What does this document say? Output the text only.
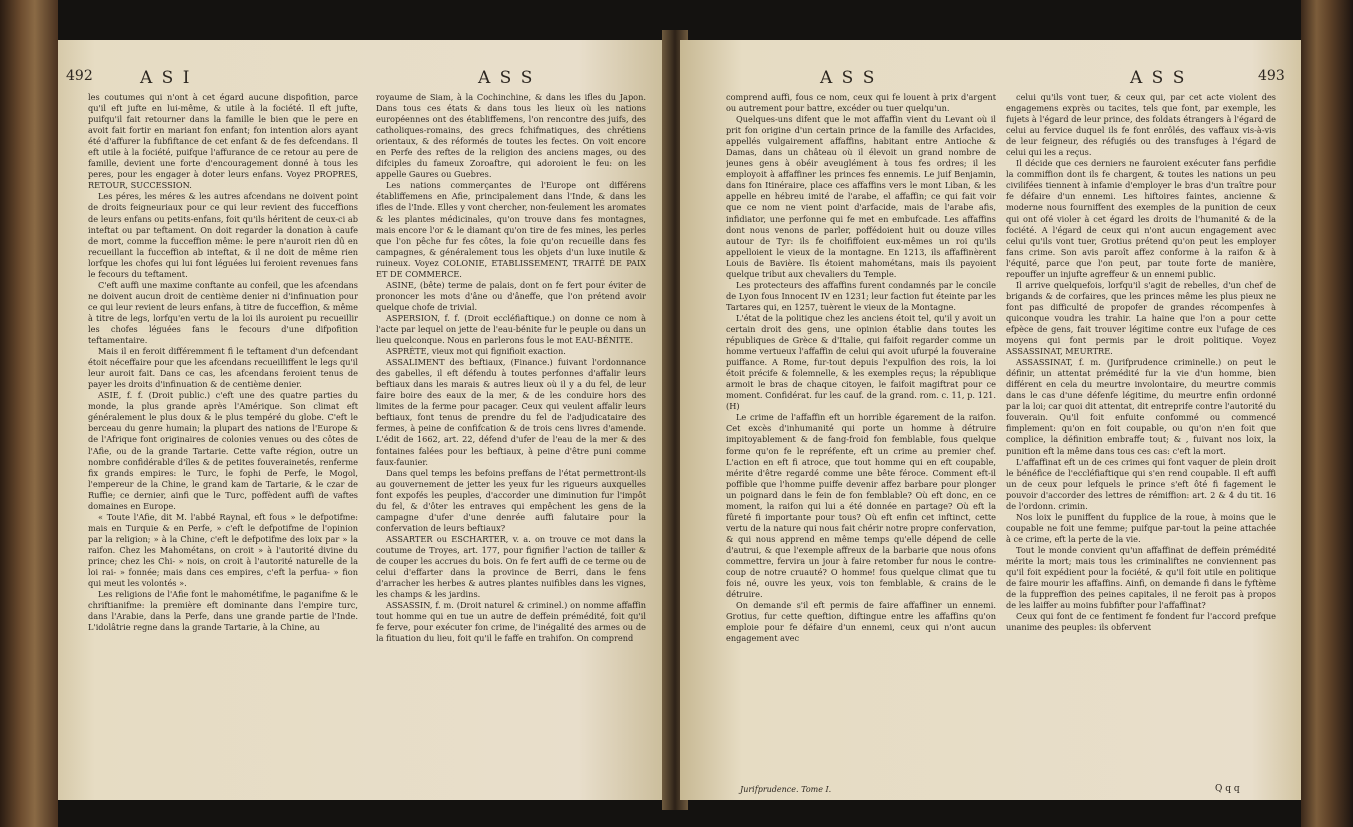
492	A S I	A S S

les coutumes qui n'ont à cet égard aucune dispofition, parce qu'il eft jufte en lui-même, & utile à la fociété. Il eft jufte, puifqu'il fait retourner dans la famille le bien que le pere en avoit fait fortir en mariant fon enfant; fon intention alors ayant été d'affurer la fubfiftance de cet enfant & de fes defcendans. Il eft utile à la fociété, puifque l'affurance de ce retour au pere de famille, devient une forte d'encouragement donné à tous les peres, pour les engager à doter leurs enfans. Voyez PROPRES, RETOUR, SUCCESSION.

Les péres, les méres & les autres afcendans ne doivent point de droits feigneuriaux pour ce qui leur revient des fucceffions de leurs enfans ou petits-enfans, foit qu'ils héritent de ceux-ci ab inteftat ou par teftament. On doit regarder la donation à caufe de mort, comme la fucceffion même: le pere n'auroit rien dû en recueillant la fucceffion ab inteftat, & il ne doit de même rien lorfque les chofes qui lui font léguées lui feroient revenues fans le fecours du teftament.

C'eft auffi une maxime conftante au confeil, que les afcendans ne doivent aucun droit de centième denier ni d'infinuation pour ce qui leur revient de leurs enfans, à titre de fucceffion, & même à titre de legs, lorfqu'en vertu de la loi ils auroient pu recueillir les chofes léguées fans le fecours d'une difpofition teftamentaire.

Mais il en feroit différemment fi le teftament d'un defcendant étoit néceffaire pour que les afcendans recueilliffent le legs qu'il leur auroit fait. Dans ce cas, les afcendans feroient tenus de payer les droits d'infinuation & de centième denier.

ASIE, f. f. (Droit public.) c'eft une des quatre parties du monde, la plus grande après l'Amérique. Son climat eft généralement le plus doux & le plus tempéré du globe. C'eft le berceau du genre humain; la plupart des nations de l'Europe & de l'Afrique font originaires de colonies venues ou des côtes de l'Afie, ou de la grande Tartarie. Cette vafte région, outre un nombre confidérable d'îles & de petites fouverainetés, renferme fix grands empires: le Turc, le fophi de Perfe, le Mogol, l'empereur de la Chine, le grand kam de Tartarie, & le czar de Ruffie; ce dernier, ainfi que le Turc, poffèdent auffi de vaftes domaines en Europe.

« Toute l'Afie, dit M. l'abbé Raynal, eft fous » le defpotifme: mais en Turquie & en Perfe, » c'eft le defpotifme de l'opinion par la religion; » à la Chine, c'eft le defpotifme des loix par » la raifon. Chez les Mahométans, on croit » à l'autorité divine du prince; chez les Chi- » nois, on croit à l'autorité naturelle de la loi rai- » fonnée; mais dans ces empires, c'eft la perfua- » fion qui meut les volontés ».

Les religions de l'Afie font le mahométifme, le paganifme & le chriftianifme: la première eft dominante dans l'empire turc, dans l'Arabie, dans la Perfe, dans une grande partie de l'Inde. L'idolâtrie regne dans la grande Tartarie, à la Chine, au

royaume de Siam, à la Cochinchine, & dans les ifles du Japon. Dans tous ces états & dans tous les lieux où les nations européennes ont des établiffemens, l'on rencontre des juifs, des catholiques-romains, des grecs fchifmatiques, des chrétiens orientaux, & des réformés de toutes les fectes. On voit encore en Perfe des reftes de la religion des anciens mages, ou des difciples du fameux Zoroaftre, qui adoroient le feu: on les appelle Gaures ou Guebres.

Les nations commerçantes de l'Europe ont différens établiffemens en Afie, principalement dans l'Inde, & dans les ifles de l'Inde. Elles y vont chercher, non-feulement les aromates & les plantes médicinales, qu'on trouve dans fes montagnes, mais encore l'or & le diamant qu'on tire de fes mines, les perles que l'on pêche fur fes côtes, la foie qu'on recueille dans fes campagnes, & généralement tous les objets d'un luxe inutile & ruineux. Voyez COLONIE, ETABLISSEMENT, TRAITÉ DE PAIX ET DE COMMERCE.

ASINE, (bête) terme de palais, dont on fe fert pour éviter de prononcer les mots d'âne ou d'âneffe, que l'on prétend avoir quelque chofe de trivial.

ASPERSION, f. f. (Droit eccléfiaftique.) on donne ce nom à l'acte par lequel on jette de l'eau-bénite fur le peuple ou dans un lieu quelconque. Nous en parlerons fous le mot EAU-BÉNITE.

ASPRÈTE, vieux mot qui fignifioit exaction.

ASSALIMENT des beftiaux, (Finance.) fuivant l'ordonnance des gabelles, il eft défendu à toutes perfonnes d'affalir leurs beftiaux dans les marais & autres lieux où il y a du fel, de leur faire boire des eaux de la mer, & de les conduire hors des limites de la ferme pour pacager. Ceux qui veulent affalir leurs beftiaux, font tenus de prendre du fel de l'adjudicataire des fermes, à peine de confifcation & de trois cens livres d'amende. L'édit de 1662, art. 22, défend d'ufer de l'eau de la mer & des fontaines falées pour les beftiaux, à peine d'être puni comme faux-faunier.

Dans quel temps les befoins preffans de l'état permettront-ils au gouvernement de jetter les yeux fur les rigueurs auxquelles font expofés les peuples, d'accorder une diminution fur l'impôt du fel, & d'ôter les entraves qui empêchent les gens de la campagne d'ufer d'une denrée auffi falutaire pour la confervation de leurs beftiaux?

ASSARTER ou ESCHARTER, v. a. on trouve ce mot dans la coutume de Troyes, art. 177, pour fignifier l'action de tailler & de couper les accrues du bois. On fe fert auffi de ce terme ou de celui d'effarter dans la province de Berri, dans le fens d'arracher les herbes & autres plantes nuifibles dans les vignes, les champs & les jardins.

ASSASSIN, f. m. (Droit naturel & criminel.) on nomme affaffin tout homme qui en tue un autre de deffein prémédité, foit qu'il fe ferve, pour exécuter fon crime, de l'inégalité des armes ou de la fituation du lieu, foit qu'il le faffe en trahifon. On comprend

A S S	A S S	493

comprend auffi, fous ce nom, ceux qui fe louent à prix d'argent ou autrement pour battre, excéder ou tuer quelqu'un.

Quelques-uns difent que le mot affaffin vient du Levant où il prit fon origine d'un certain prince de la famille des Arfacides, appellés vulgairement affaffins, habitant entre Antioche & Damas, dans un château où il élevoit un grand nombre de jeunes gens à obéir aveuglément à tous fes ordres; il les employoit à affaffiner les princes fes ennemis. Le juif Benjamin, dans fon Itinéraire, place ces affaffins vers le mont Liban, & les appelle en hébreu imité de l'arabe, el affaffin; ce qui fait voir que ce nom ne vient point d'arfacide, mais de l'arabe afis, infidiator, une perfonne qui fe met en embufcade. Les affaffins dont nous venons de parler, poffédoient huit ou douze villes autour de Tyr: ils fe choififfoient eux-mêmes un roi qu'ils appelloient le vieux de la montagne. En 1213, ils affaffinèrent Louis de Bavière. Ils étoient mahométans, mais ils payoient quelque tribut aux chevaliers du Temple.

Les protecteurs des affaffins furent condamnés par le concile de Lyon fous Innocent IV en 1231; leur faction fut éteinte par les Tartares qui, en 1257, tuèrent le vieux de la Montagne.

L'état de la politique chez les anciens étoit tel, qu'il y avoit un certain droit des gens, une opinion établie dans toutes les républiques de Grèce & d'Italie, qui faifoit regarder comme un homme vertueux l'affaffin de celui qui avoit ufurpé la fouveraine puiffance. A Rome, fur-tout depuis l'expulfion des rois, la loi étoit précife & folemnelle, & les exemples reçus; la république armoit le bras de chaque citoyen, le faifoit magiftrat pour ce moment. Confidérat. fur les cauf. de la grand. rom. c. 11, p. 121. (H)

Le crime de l'affaffin eft un horrible égarement de la raifon. Cet excès d'inhumanité qui porte un homme à détruire impitoyablement & de fang-froid fon femblable, fous quelque forme qu'on fe le repréfente, eft un crime au premier chef. L'action en eft fi atroce, que tout homme qui en eft coupable, mérite d'être regardé comme une bête féroce. Comment eft-il poffible que l'homme puiffe devenir affez barbare pour plonger un poignard dans le fein de fon femblable? Où eft donc, en ce moment, la raifon qui lui a été donnée en partage? Où eft la fûreté fi importante pour tous? Où eft enfin cet inftinct, cette vertu de la nature qui nous fait chérir notre propre confervation, & qui nous apprend en même temps qu'elle dépend de celle d'autrui, & que l'exemple affreux de la barbarie que nous ofons commettre, fervira un jour à faire retomber fur nous le contre-coup de notre cruauté? O homme! fous quelque climat que tu fois né, ouvre les yeux, vois ton femblable, & crains de le détruire.

On demande s'il eft permis de faire affaffiner un ennemi. Grotius, fur cette queftion, diftingue entre les affaffins qu'on emploie pour fe défaire d'un ennemi, ceux qui n'ont aucun engagement avec

celui qu'ils vont tuer, & ceux qui, par cet acte violent des engagemens exprès ou tacites, tels que font, par exemple, les fujets à l'égard de leur prince, des foldats étrangers à l'égard de celui au fervice duquel ils fe font enrôlés, des vaffaux vis-à-vis de leur feigneur, des réfugiés ou des transfuges à l'égard de celui qui les a reçus.

Il décide que ces derniers ne fauroient exécuter fans perfidie la commiffion dont ils fe chargent, & toutes les nations un peu civilifées tiennent à infamie d'employer le bras d'un traître pour fe défaire d'un ennemi. Les hiftoires faintes, ancienne & moderne nous fourniffent des exemples de la punition de ceux qui ont ofé violer à cet égard les droits de l'humanité & de la fociété. A l'égard de ceux qui n'ont aucun engagement avec celui qu'ils vont tuer, Grotius prétend qu'on peut les employer fans crime. Son avis paroît affez conforme à la raifon & à l'équité, parce que l'on peut, par toute forte de manière, repouffer un injufte agreffeur & un ennemi public.

Il arrive quelquefois, lorfqu'il s'agit de rebelles, d'un chef de brigands & de corfaires, que les princes même les plus pieux ne font pas difficulté de propofer de grandes récompenfes à quiconque voudra les trahir. La haine que l'on a pour cette efpèce de gens, fait trouver légitime contre eux l'ufage de ces moyens qui font permis par le droit politique. Voyez ASSASSINAT, MEURTRE.

ASSASSINAT, f. m. (Jurifprudence criminelle.) on peut le définir, un attentat prémédité fur la vie d'un homme, bien différent en cela du meurtre involontaire, du meurtre commis dans le cas d'une défenfe légitime, du meurtre enfin ordonné par la loi; car quoi dit attentat, dit entreprife contre l'autorité du fouverain. Qu'il foit enfuite confommé ou commencé fimplement: qu'on en foit coupable, ou qu'on n'en foit que complice, la définition embraffe tout; & , fuivant nos loix, la punition eft la même dans tous ces cas: c'eft la mort.

L'affaffinat eft un de ces crimes qui font vaquer de plein droit le bénéfice de l'eccléfiaftique qui s'en rend coupable. Il eft auffi un de ceux pour lefquels le prince s'eft ôté fi fagement le pouvoir d'accorder des lettres de rémiffion: art. 2 & 4 du tit. 16 de l'ordonn. crimin.

Nos loix le puniffent du fupplice de la roue, à moins que le coupable ne foit une femme; puifque par-tout la peine attachée à ce crime, eft la perte de la vie.

Tout le monde convient qu'un affaffinat de deffein prémédité mérite la mort; mais tous les criminaliftes ne conviennent pas qu'il foit expédient pour la fociété, & qu'il foit utile en politique de faire mourir les affaffins. Ainfi, on demande fi dans le fyftème de la fuppreffion des peines capitales, il ne feroit pas à propos de les laiffer au moins fubfifter pour l'affaffinat?

Ceux qui font de ce fentiment fe fondent fur l'accord prefque unanime des peuples: ils obfervent

Jurifprudence. Tome I.	Q q q
